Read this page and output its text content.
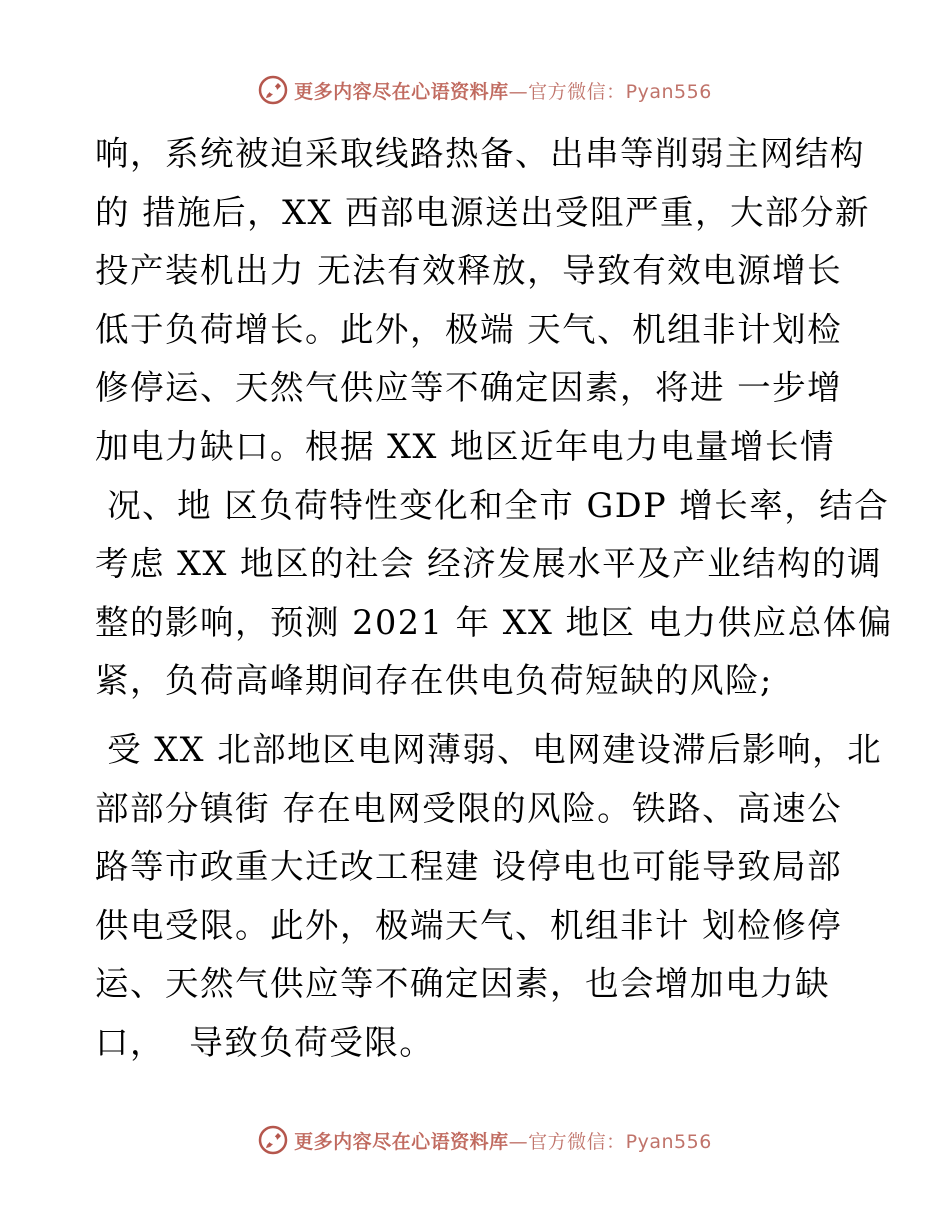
更多内容尽在心语资料库—官方微信：Pyan556
响，系统被迫采取线路热备、出串等削弱主网结构
的 措施后，XX 西部电源送出受阻严重，大部分新
投产装机出力 无法有效释放，导致有效电源增长
低于负荷增长。此外，极端 天气、机组非计划检
修停运、天然气供应等不确定因素，将进 一步增
加电力缺口。根据 XX 地区近年电力电量增长情
况、地 区负荷特性变化和全市 GDP 增长率，结合
考虑 XX 地区的社会 经济发展水平及产业结构的调
整的影响，预测 2021 年 XX 地区 电力供应总体偏
紧，负荷高峰期间存在供电负荷短缺的风险;
受 XX 北部地区电网薄弱、电网建设滞后影响，北
部部分镇街 存在电网受限的风险。铁路、高速公
路等市政重大迁改工程建 设停电也可能导致局部
供电受限。此外，极端天气、机组非计 划检修停
运、天然气供应等不确定因素，也会增加电力缺
口，  导致负荷受限。
更多内容尽在心语资料库—官方微信：Pyan556
